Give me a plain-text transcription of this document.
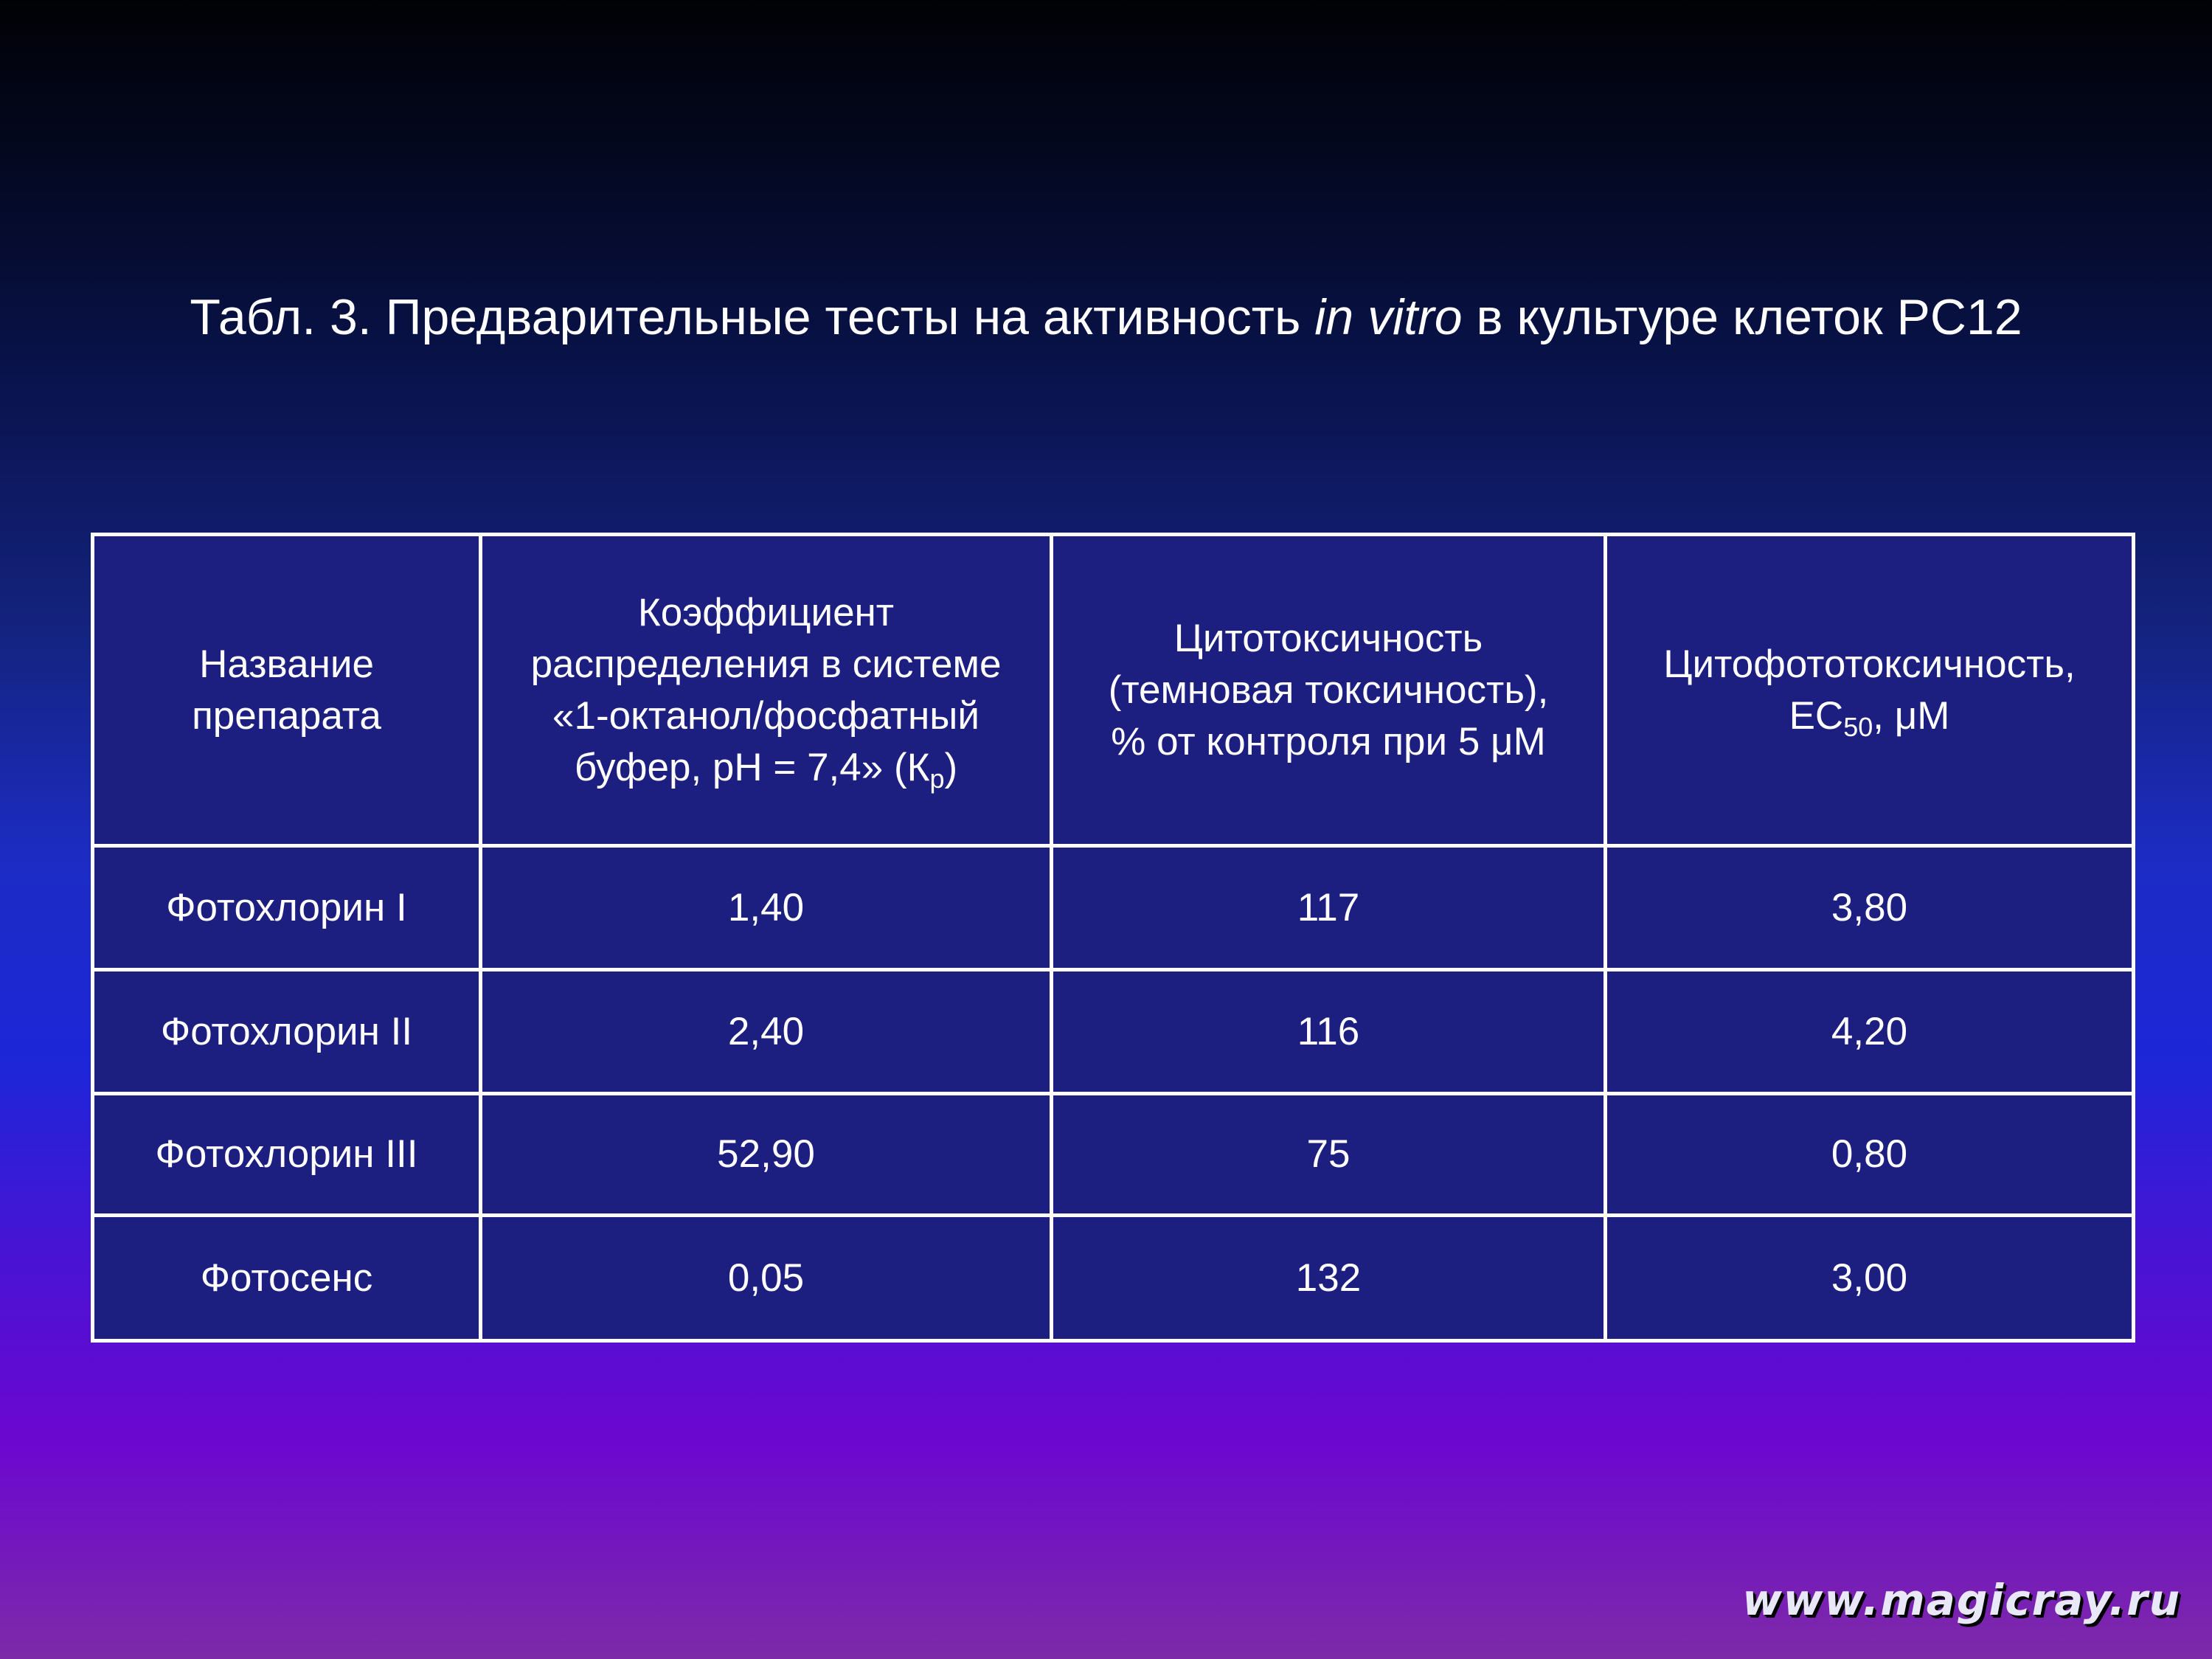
Табл. 3. Предварительные тесты на активность in vitro в культуре клеток PC12
Название
препарата	Коэффициент
распределения в системе
«1-октанол/фосфатный
буфер, pH = 7,4» $(К_p)$	Цитотоксичность
(темновая токсичность),
% от контроля при 5 μM	Цитофототоксичность,
$EC_{50}$, μM

Фотохлорин I	1,40	117	3,80
Фотохлорин II	2,40	116	4,20
Фотохлорин III	52,90	75	0,80
Фотосенс	0,05	132	3,00
www.magicray.ru
